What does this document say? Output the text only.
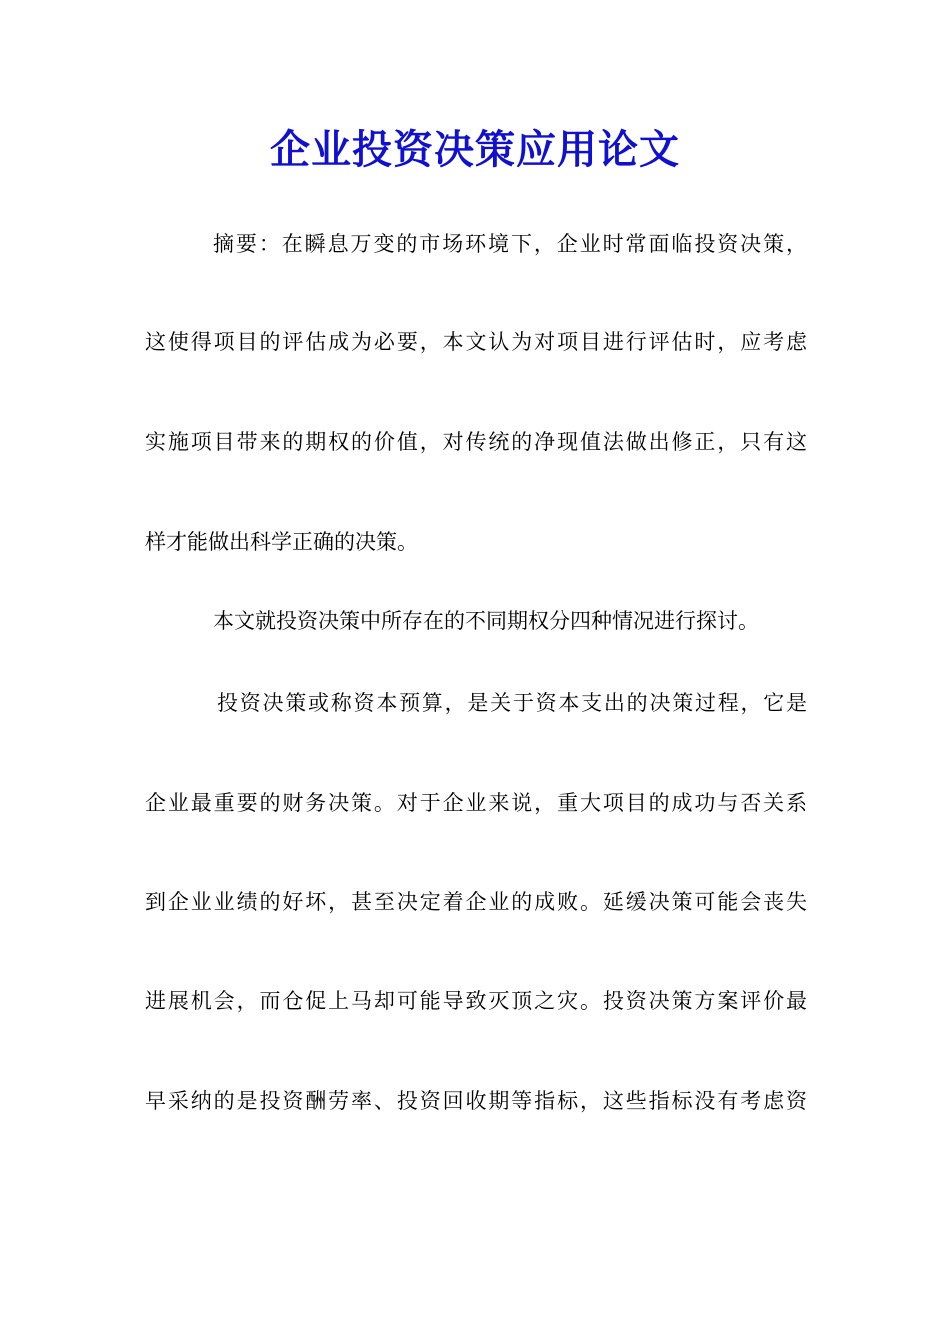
企业投资决策应用论文

摘要：在瞬息万变的市场环境下，企业时常面临投资决策，

这使得项目的评估成为必要，本文认为对项目进行评估时，应考虑

实施项目带来的期权的价值，对传统的净现值法做出修正，只有这

样才能做出科学正确的决策。

本文就投资决策中所存在的不同期权分四种情况进行探讨。

投资决策或称资本预算，是关于资本支出的决策过程，它是

企业最重要的财务决策。对于企业来说，重大项目的成功与否关系

到企业业绩的好坏，甚至决定着企业的成败。延缓决策可能会丧失

进展机会，而仓促上马却可能导致灭顶之灾。投资决策方案评价最

早采纳的是投资酬劳率、投资回收期等指标，这些指标没有考虑资
